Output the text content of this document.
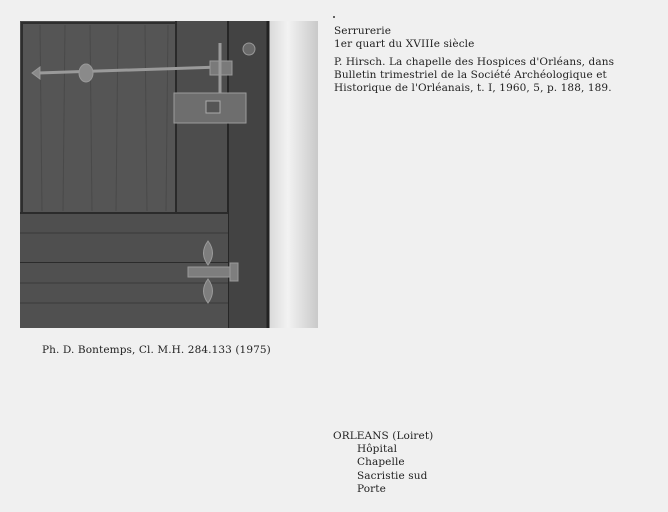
Serrurerie
1er quart du XVIIIe siècle
P. Hirsch. La chapelle des Hospices d'Orléans, dans
Bulletin trimestriel de la Société Archéologique et
Historique de l'Orléanais, t. I, 1960, 5, p. 188, 189.
Ph. D. Bontemps, Cl. M.H. 284.133 (1975)
ORLEANS (Loiret)
Hôpital
Chapelle
Sacristie sud
Porte
